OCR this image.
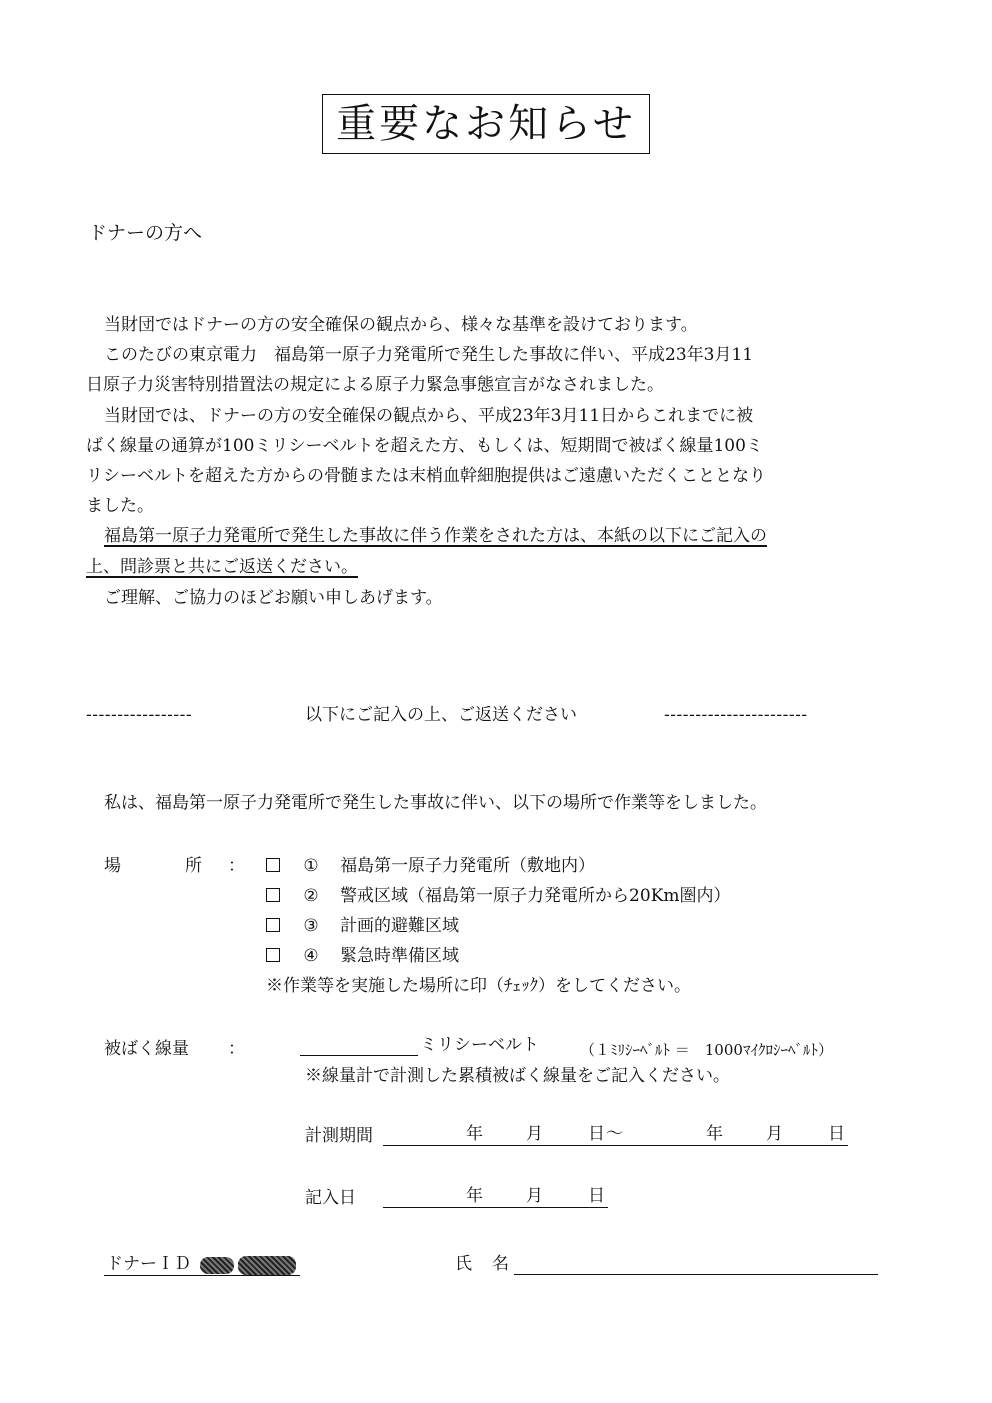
重要なお知らせ
ドナーの方へ
当財団ではドナーの方の安全確保の観点から、様々な基準を設けております。
このたびの東京電力　福島第一原子力発電所で発生した事故に伴い、平成23年3月11
日原子力災害特別措置法の規定による原子力緊急事態宣言がなされました。
当財団では、ドナーの方の安全確保の観点から、平成23年3月11日からこれまでに被
ばく線量の通算が100ミリシーベルトを超えた方、もしくは、短期間で被ばく線量100ミ
リシーベルトを超えた方からの骨髄または末梢血幹細胞提供はご遠慮いただくこととなり
ました。
福島第一原子力発電所で発生した事故に伴う作業をされた方は、本紙の以下にご記入の
上、問診票と共にご返送ください。
ご理解、ご協力のほどお願い申しあげます。
-----------------	以下にご記入の上、ご返送ください	-----------------------
私は、福島第一原子力発電所で発生した事故に伴い、以下の場所で作業等をしました。
場	所 ：	① 福島第一原子力発電所（敷地内）
② 警戒区域（福島第一原子力発電所から20Km圏内）
③ 計画的避難区域
④ 緊急時準備区域
※作業等を実施した場所に印（ﾁｪｯｸ）をしてください。
被ばく線量 ：	ミリシーベルト	（１ﾐﾘｼｰﾍﾞﾙﾄ ＝　1000ﾏｲｸﾛｼｰﾍﾞﾙﾄ）
※線量計で計測した累積被ばく線量をご記入ください。
計測期間	年	月	日 ～	年	月	日
記入日	年	月	日
ドナーＩＤ	氏 名
